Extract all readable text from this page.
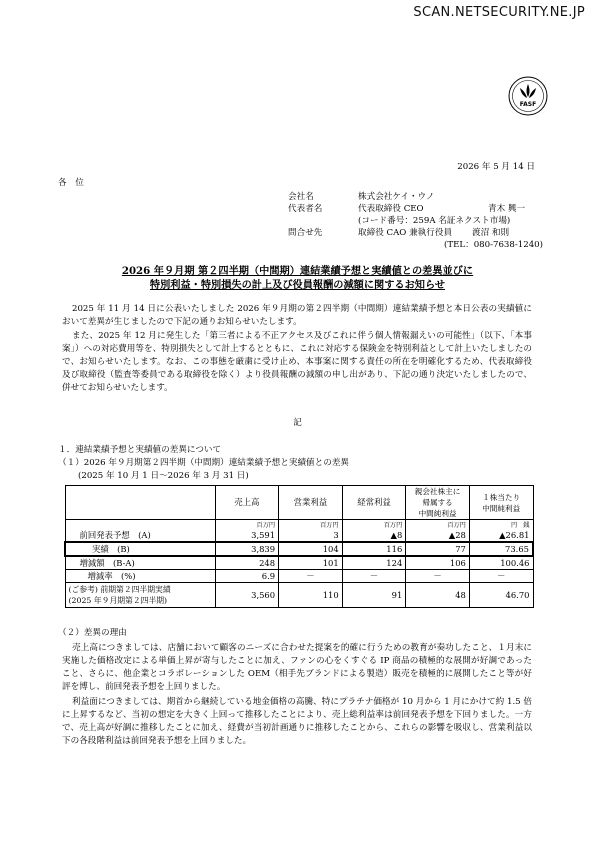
SCAN.NETSECURITY.NE.JP
FASF
2026 年 5 月 14 日
各　位
会社名	株式会社ケイ・ウノ
代表者名	代表取締役 CEO	青木 興一
(コード番号：259A 名証ネクスト市場)
問合せ先	取締役 CAO 兼執行役員 渡沼 和則
(TEL：080-7638-1240)
2026 年９月期 第２四半期（中間期）連結業績予想と実績値との差異並びに
特別利益・特別損失の計上及び役員報酬の減額に関するお知らせ
2025 年 11 月 14 日に公表いたしました 2026 年９月期の第２四半期（中間期）連結業績予想と本日公表の実績値において差異が生じましたので下記の通りお知らせいたします。
また、2025 年 12 月に発生した「第三者による不正アクセス及びこれに伴う個人情報漏えいの可能性」（以下、「本事案」）への対応費用等を、特別損失として計上するとともに、これに対応する保険金を特別利益として計上いたしましたので、お知らせいたします。なお、この事態を厳粛に受け止め、本事案に関する責任の所在を明確化するため、代表取締役及び取締役（監査等委員である取締役を除く）より役員報酬の減額の申し出があり、下記の通り決定いたしましたので、併せてお知らせいたします。
記
１．連結業績予想と実績値の差異について
（１）2026 年９月期第２四半期（中間期）連結業績予想と実績値との差異
(2025 年 10 月 1 日～2026 年 3 月 31 日)
	売上高	営業利益	経常利益	親会社株主に
帰属する
中間純利益	１株当たり
中間純利益
	百万円	百万円	百万円	百万円	円　銭
前回発表予想　(A)	3,591	3	▲8	▲28	▲26.81
実績　(B)	3,839	104	116	77	73.65
増減額　(B-A)	248	101	124	106	100.46
増減率　(%)	6.9	－	－	－	－
(ご参考) 前期第２四半期実績
(2025 年９月期第２四半期)	3,560	110	91	48	46.70
（２）差異の理由
売上高につきましては、店舗において顧客のニーズに合わせた提案を的確に行うための教育が奏功したこと、１月末に実施した価格改定による単価上昇が寄与したことに加え、ファンの心をくすぐる IP 商品の積極的な展開が好調であったこと、さらに、他企業とコラボレーションした OEM（相手先ブランドによる製造）販売を積極的に展開したこと等が好評を博し、前回発表予想を上回りました。
利益面につきましては、期首から継続している地金価格の高騰、特にプラチナ価格が 10 月から 1 月にかけて約 1.5 倍に上昇するなど、当初の想定を大きく上回って推移したことにより、売上総利益率は前回発表予想を下回りました。一方で、売上高が好調に推移したことに加え、経費が当初計画通りに推移したことから、これらの影響を吸収し、営業利益以下の各段階利益は前回発表予想を上回りました。
